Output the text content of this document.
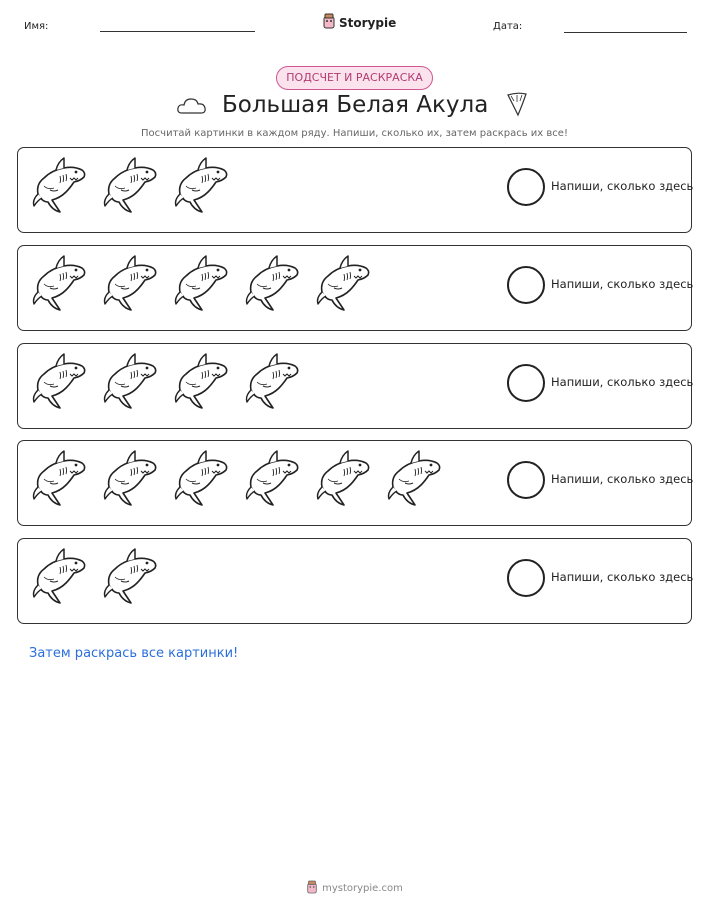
Имя:	Storypie	Дата:
ПОДСЧЕТ И РАСКРАСКА
Большая Белая Акула
Посчитай картинки в каждом ряду. Напиши, сколько их, затем раскрась их все!
Напиши, сколько здесь
Напиши, сколько здесь
Напиши, сколько здесь
Напиши, сколько здесь
Напиши, сколько здесь
Затем раскрась все картинки!
mystorypie.com
